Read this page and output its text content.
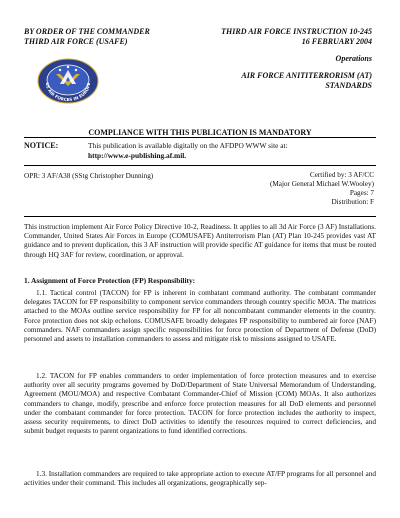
BY ORDER OF THE COMMANDER
THIRD AIR FORCE (USAFE)
THIRD AIR FORCE INSTRUCTION 10-245
16 FEBRUARY 2004
Operations
AIR FORCE ANITITERRORISM (AT)
STANDARDS
US AIR FORCES IN EUROPE
COMPLIANCE WITH THIS PUBLICATION IS MANDATORY
NOTICE:	This publication is available digitally on the AFDPO WWW site at:
http://www.e-publishing.af.mil.
OPR: 3 AF/A38 (SStg Christopher Dunning)	Certified by: 3 AF/CC
(Major General Michael W.Wooley)
Pages: 7
Distribution: F
This instruction implement Air Force Policy Directive 10-2, Readiness. It applies to all 3d Air Force (3 AF) Installations. Commander, United States Air Forces in Europe (COMUSAFE) Antiterrorism Plan (AT) Plan 10-245 provides vast AT guidance and to prevent duplication, this 3 AF instruction will provide specific AT guidance for items that must be routed through HQ 3AF for review, coordination, or approval.
1. Assignment of Force Protection (FP) Responsibility:
1.1. Tactical control (TACON) for FP is inherent in combatant command authority. The combatant commander delegates TACON for FP responsibility to component service commanders through country specific MOA. The matrices attached to the MOAs outline service responsibility for FP for all noncombatant commander elements in the country. Force protection does not skip echelons. COMUSAFE broadly delegates FP responsibility to numbered air force (NAF) commanders. NAF commanders assign specific responsibilities for force protection of Department of Defense (DoD) personnel and assets to installation commanders to assess and mitigate risk to missions assigned to USAFE.
1.2. TACON for FP enables commanders to order implementation of force protection measures and to exercise authority over all security programs governed by DoD/Department of State Universal Memorandum of Understanding, Agreement (MOU/MOA) and respective Combatant Commander-Chief of Mission (COM) MOAs. It also authorizes commanders to change, modify, prescribe and enforce force protection measures for all DoD elements and personnel under the combatant commander for force protection. TACON for force protection includes the authority to inspect, assess security requirements, to direct DoD activities to identify the resources required to correct deficiencies, and submit budget requests to parent organizations to fund identified corrections.
1.3. Installation commanders are required to take appropriate action to execute AT/FP programs for all personnel and activities under their command. This includes all organizations, geographically sep-
